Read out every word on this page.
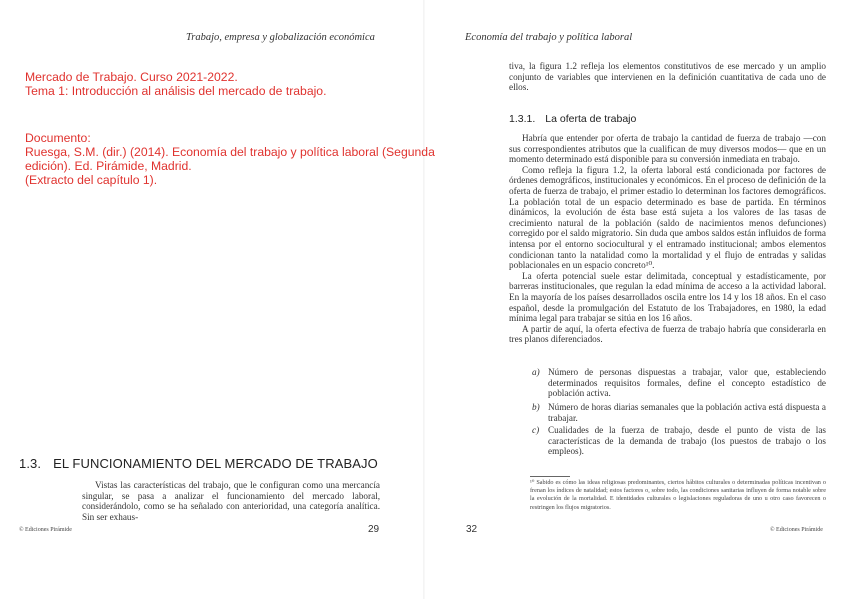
Trabajo, empresa y globalización económica
Mercado de Trabajo. Curso 2021-2022.
Tema 1: Introducción al análisis del mercado de trabajo.
Documento:
Ruesga, S.M. (dir.) (2014). Economía del trabajo y política laboral (Segunda
edición). Ed. Pirámide, Madrid.
(Extracto del capítulo 1).
1.3. EL FUNCIONAMIENTO DEL MERCADO DE TRABAJO

Vistas las características del trabajo, que le configuran como una mercancía singular, se pasa a analizar el funcionamiento del mercado laboral, considerándolo, como se ha señalado con anterioridad, una categoría analítica. Sin ser exhaus-

© Ediciones Pirámide	29
Economía del trabajo y política laboral

tiva, la figura 1.2 refleja los elementos constitutivos de ese mercado y un amplio conjunto de variables que intervienen en la definición cuantitativa de cada uno de ellos.

1.3.1. La oferta de trabajo

Habría que entender por oferta de trabajo la cantidad de fuerza de trabajo —con sus correspondientes atributos que la cualifican de muy diversos modos— que en un momento determinado está disponible para su conversión inmediata en trabajo.

Como refleja la figura 1.2, la oferta laboral está condicionada por factores de órdenes demográficos, institucionales y económicos. En el proceso de definición de la oferta de fuerza de trabajo, el primer estadio lo determinan los factores demográficos. La población total de un espacio determinado es base de partida. En términos dinámicos, la evolución de ésta base está sujeta a los valores de las tasas de crecimiento natural de la población (saldo de nacimientos menos defunciones) corregido por el saldo migratorio. Sin duda que ambos saldos están influidos de forma intensa por el entorno sociocultural y el entramado institucional; ambos elementos condicionan tanto la natalidad como la mortalidad y el flujo de entradas y salidas poblacionales en un espacio concreto¹⁰.

La oferta potencial suele estar delimitada, conceptual y estadísticamente, por barreras institucionales, que regulan la edad mínima de acceso a la actividad laboral. En la mayoría de los países desarrollados oscila entre los 14 y los 18 años. En el caso español, desde la promulgación del Estatuto de los Trabajadores, en 1980, la edad mínima legal para trabajar se sitúa en los 16 años.

A partir de aquí, la oferta efectiva de fuerza de trabajo habría que considerarla en tres planos diferenciados.

a) Número de personas dispuestas a trabajar, valor que, estableciendo determinados requisitos formales, define el concepto estadístico de población activa.
b) Número de horas diarias semanales que la población activa está dispuesta a trabajar.
c) Cualidades de la fuerza de trabajo, desde el punto de vista de las características de la demanda de trabajo (los puestos de trabajo o los empleos).
¹⁰ Sabido es cómo las ideas religiosas predominantes, ciertos hábitos culturales o determinadas políticas incentivan o frenan los índices de natalidad; estos factores o, sobre todo, las condiciones sanitarias influyen de forma notable sobre la evolución de la mortalidad. E identidades culturales o legislaciones reguladoras de uno u otro caso favorecen o restringen los flujos migratorios.
32	© Ediciones Pirámide
